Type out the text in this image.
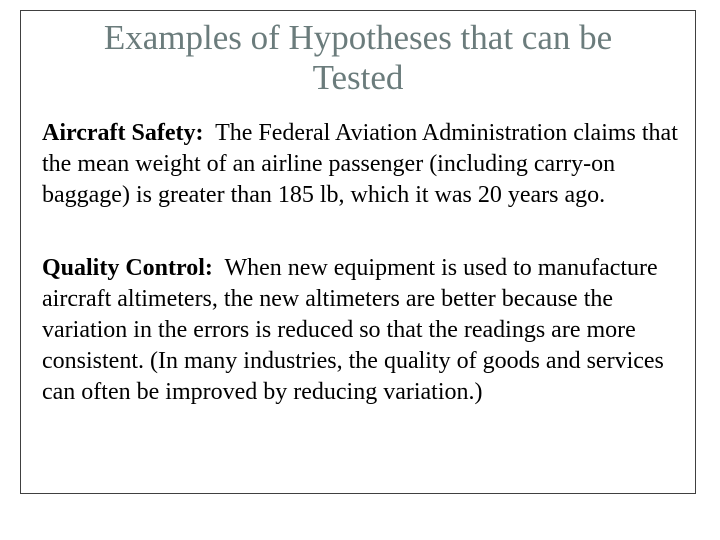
Examples of Hypotheses that can be
Tested

Aircraft Safety: The Federal Aviation Administration claims that the mean weight of an airline passenger (including carry-on baggage) is greater than 185 lb, which it was 20 years ago.

Quality Control: When new equipment is used to manufacture aircraft altimeters, the new altimeters are better because the variation in the errors is reduced so that the readings are more consistent. (In many industries, the quality of goods and services can often be improved by reducing variation.)
